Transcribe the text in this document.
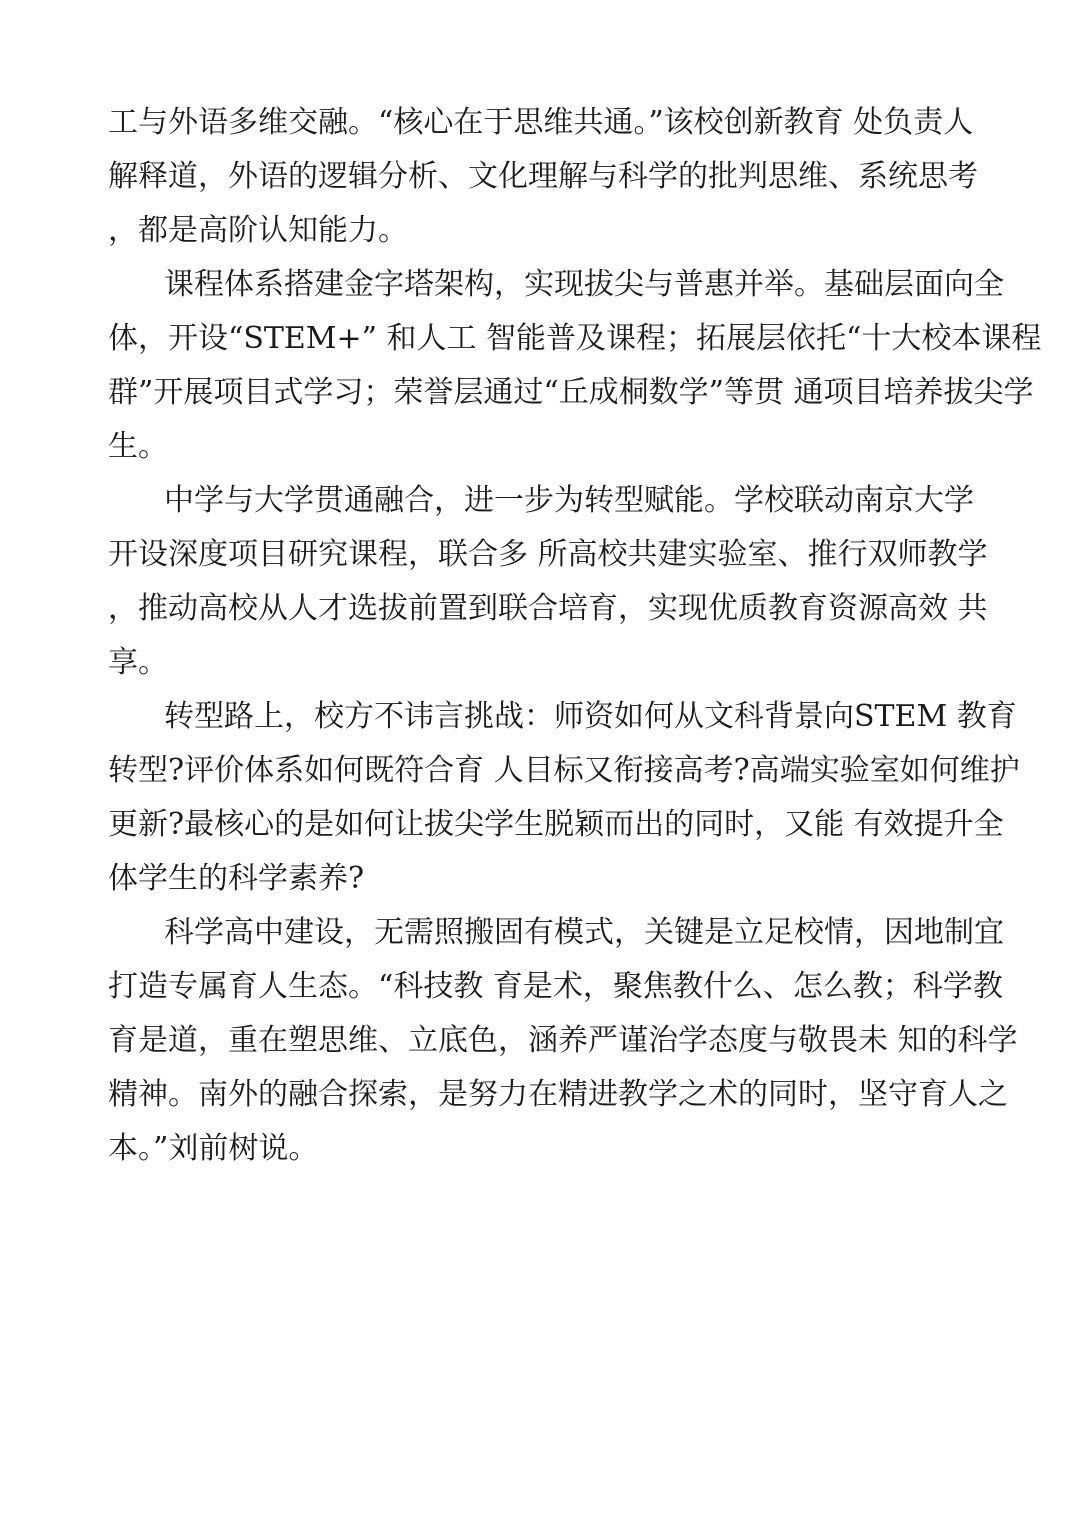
工与外语多维交融。“核心在于思维共通。”该校创新教育 处负责人
解释道，外语的逻辑分析、文化理解与科学的批判思维、系统思考
，都是高阶认知能力。
课程体系搭建金字塔架构，实现拔尖与普惠并举。基础层面向全
体，开设“STEM+” 和人工 智能普及课程；拓展层依托“十大校本课程
群”开展项目式学习；荣誉层通过“丘成桐数学”等贯 通项目培养拔尖学
生。
中学与大学贯通融合，进一步为转型赋能。学校联动南京大学
开设深度项目研究课程，联合多 所高校共建实验室、推行双师教学
，推动高校从人才选拔前置到联合培育，实现优质教育资源高效 共
享。
转型路上，校方不讳言挑战：师资如何从文科背景向STEM 教育
转型?评价体系如何既符合育 人目标又衔接高考?高端实验室如何维护
更新?最核心的是如何让拔尖学生脱颖而出的同时，又能 有效提升全
体学生的科学素养?
科学高中建设，无需照搬固有模式，关键是立足校情，因地制宜
打造专属育人生态。“科技教 育是术，聚焦教什么、怎么教；科学教
育是道，重在塑思维、立底色，涵养严谨治学态度与敬畏未 知的科学
精神。南外的融合探索，是努力在精进教学之术的同时，坚守育人之
本。”刘前树说。
